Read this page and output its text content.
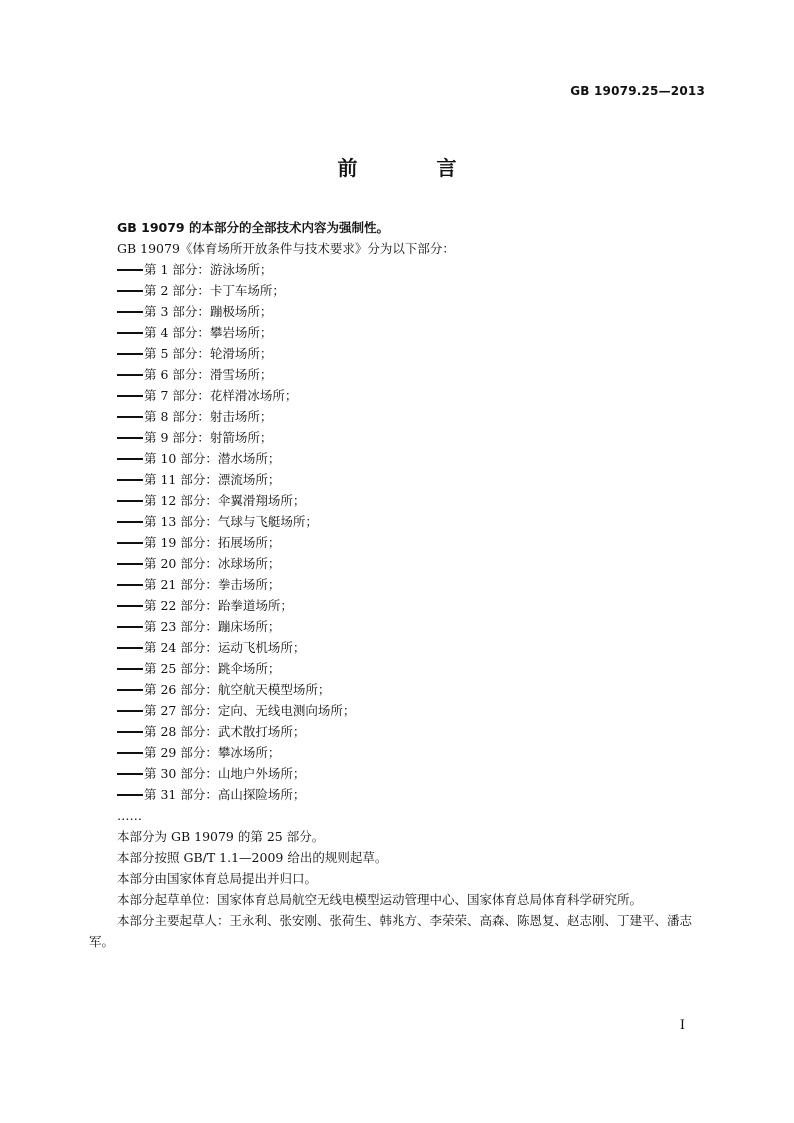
GB 19079.25—2013
前 言

GB 19079 的本部分的全部技术内容为强制性。

GB 19079《体育场所开放条件与技术要求》分为以下部分：

第 1 部分：游泳场所；

第 2 部分：卡丁车场所；

第 3 部分：蹦极场所；

第 4 部分：攀岩场所；

第 5 部分：轮滑场所；

第 6 部分：滑雪场所；

第 7 部分：花样滑冰场所；

第 8 部分：射击场所；

第 9 部分：射箭场所；

第 10 部分：潜水场所；

第 11 部分：漂流场所；

第 12 部分：伞翼滑翔场所；

第 13 部分：气球与飞艇场所；

第 19 部分：拓展场所；

第 20 部分：冰球场所；

第 21 部分：拳击场所；

第 22 部分：跆拳道场所；

第 23 部分：蹦床场所；

第 24 部分：运动飞机场所；

第 25 部分：跳伞场所；

第 26 部分：航空航天模型场所；

第 27 部分：定向、无线电测向场所；

第 28 部分：武术散打场所；

第 29 部分：攀冰场所；

第 30 部分：山地户外场所；

第 31 部分：高山探险场所；

……

本部分为 GB 19079 的第 25 部分。

本部分按照 GB/T 1.1—2009 给出的规则起草。

本部分由国家体育总局提出并归口。

本部分起草单位：国家体育总局航空无线电模型运动管理中心、国家体育总局体育科学研究所。

本部分主要起草人：王永利、张安刚、张荷生、韩兆方、李荣荣、高森、陈恩复、赵志刚、丁建平、潘志军。

I
